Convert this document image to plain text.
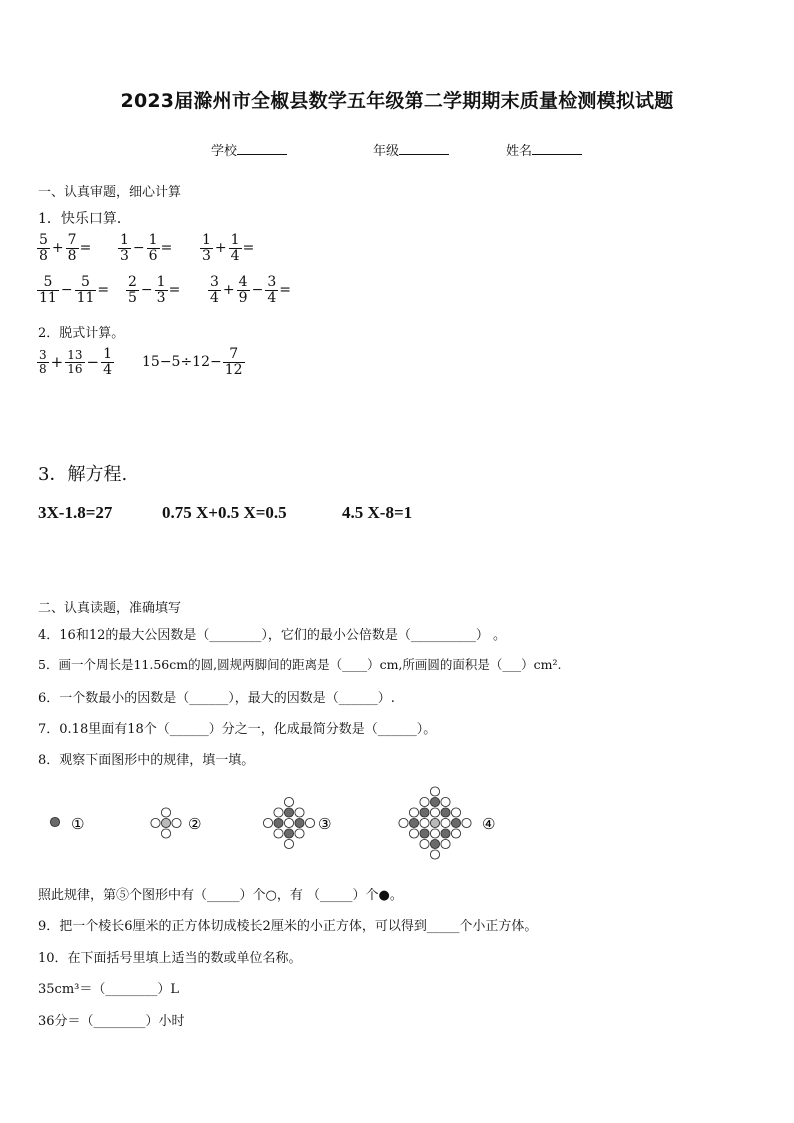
2023届滁州市全椒县数学五年级第二学期期末质量检测模拟试题
学校	年级	姓名
一、认真审题，细心计算
1．快乐口算．
$\frac{5}{8} + \frac{7}{8} = \frac{1}{3} - \frac{1}{6} = \frac{1}{3} + \frac{1}{4}$ =
$\frac{5}{11} - \frac{5}{11} = \frac{2}{5} - \frac{1}{3} = \frac{3}{4} + \frac{4}{9} - \frac{3}{4}$ =
2．脱式计算。
$\frac{3}{8} + \frac{13}{16} - \frac{1}{4} 15-5\div 12- \frac{7}{12}$
3．解方程.
3X-1.8=27	0.75 X+0.5 X=0.5	4.5 X-8=1
二、认真读题，准确填写
4．16和12的最大公因数是（________），它们的最小公倍数是（__________） 。
5．画一个周长是11.56cm的圆,圆规两脚间的距离是（____）cm,所画圆的面积是（___）cm².
6．一个数最小的因数是（______），最大的因数是（______）.
7．0.18里面有18个（______）分之一，化成最简分数是（______）。
8．观察下面图形中的规律，填一填。
①	②	③	④
照此规律，第⑤个图形中有（_____）个○，有 （_____）个●。
9．把一个棱长6厘米的正方体切成棱长2厘米的小正方体，可以得到_____个小正方体。
10．在下面括号里填上适当的数或单位名称。
35cm³＝（________）L
36分＝（________）小时
